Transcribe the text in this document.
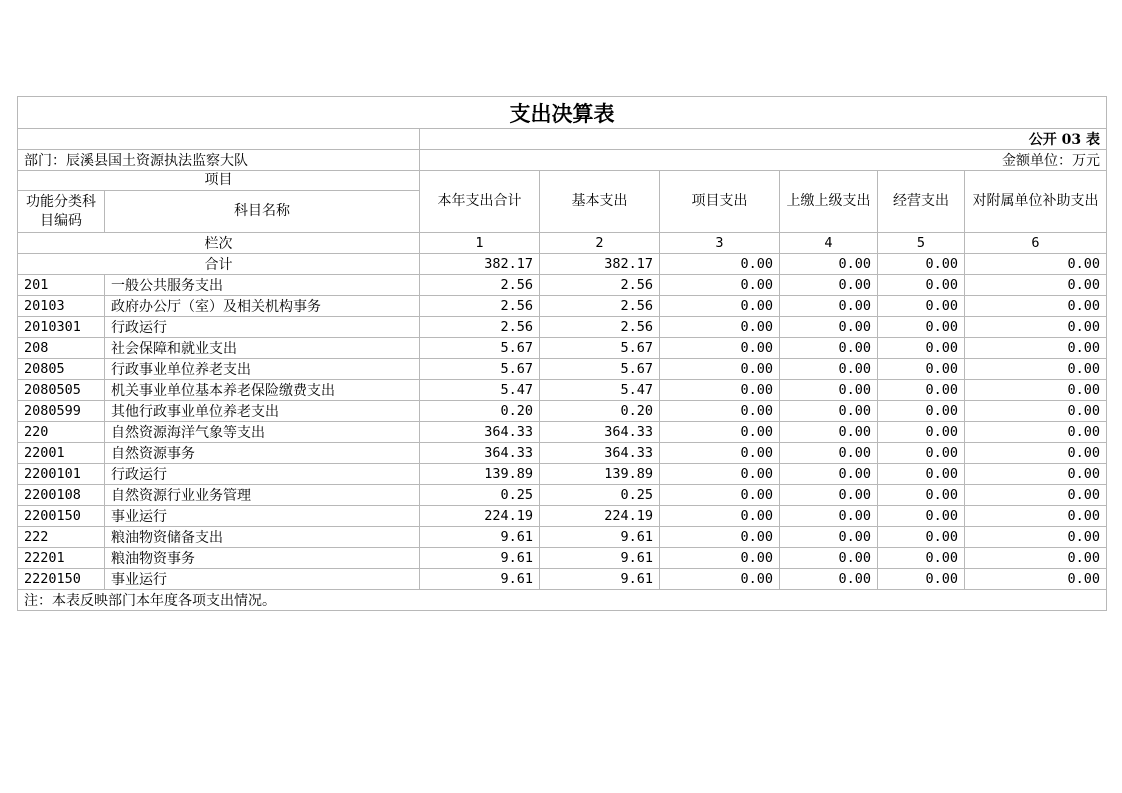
支出决算表							
		公开 03 表					
部门：辰溪县国土资源执法监察大队		金额单位：万元					
项目		本年支出合计	基本支出	项目支出	上缴上级支出	经营支出	对附属单位补助支出
功能分类科目编码	科目名称						
栏次		1	2	3	4	5	6
合计		382.17	382.17	0.00	0.00	0.00	0.00
201	一般公共服务支出	2.56	2.56	0.00	0.00	0.00	0.00
20103	政府办公厅（室）及相关机构事务	2.56	2.56	0.00	0.00	0.00	0.00
2010301	行政运行	2.56	2.56	0.00	0.00	0.00	0.00
208	社会保障和就业支出	5.67	5.67	0.00	0.00	0.00	0.00
20805	行政事业单位养老支出	5.67	5.67	0.00	0.00	0.00	0.00
2080505	机关事业单位基本养老保险缴费支出	5.47	5.47	0.00	0.00	0.00	0.00
2080599	其他行政事业单位养老支出	0.20	0.20	0.00	0.00	0.00	0.00
220	自然资源海洋气象等支出	364.33	364.33	0.00	0.00	0.00	0.00
22001	自然资源事务	364.33	364.33	0.00	0.00	0.00	0.00
2200101	行政运行	139.89	139.89	0.00	0.00	0.00	0.00
2200108	自然资源行业业务管理	0.25	0.25	0.00	0.00	0.00	0.00
2200150	事业运行	224.19	224.19	0.00	0.00	0.00	0.00
222	粮油物资储备支出	9.61	9.61	0.00	0.00	0.00	0.00
22201	粮油物资事务	9.61	9.61	0.00	0.00	0.00	0.00
2220150	事业运行	9.61	9.61	0.00	0.00	0.00	0.00
注：本表反映部门本年度各项支出情况。							
